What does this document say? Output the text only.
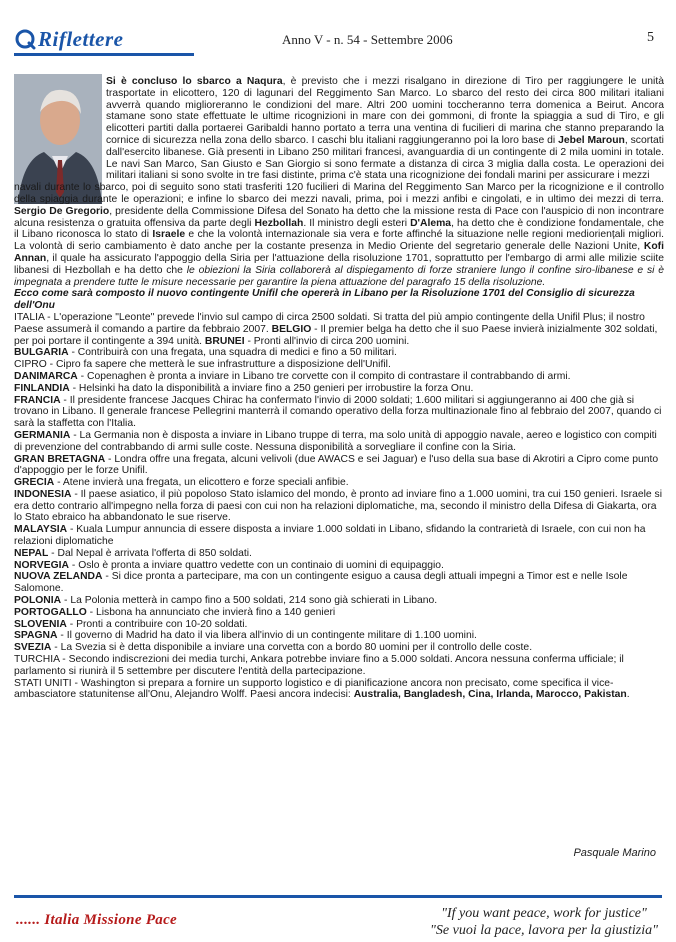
Riflettere	Anno V - n. 54 - Settembre 2006	5

Si è concluso lo sbarco a Naqura, è previsto che i mezzi risalgano in direzione di Tiro per raggiungere le unità trasportate in elicottero, 120 di lagunari del Reggimento San Marco. Lo sbarco del resto dei circa 800 militari italiani avverrà quando miglioreranno le condizioni del mare. Altri 200 uomini toccheranno terra domenica a Beirut. Ancora stamane sono state effettuate le ultime ricognizioni in mare con dei gommoni, di fronte la spiaggia a sud di Tiro, e gli elicotteri partiti dalla portaerei Garibaldi hanno portato a terra una ventina di fucilieri di marina che stanno preparando la cornice di sicurezza nella zona dello sbarco. I caschi blu italiani raggiungeranno poi la loro base di Jebel Maroun, scortati dall'esercito libanese. Già presenti in Libano 250 militari francesi, avanguardia di un contingente di 2 mila uomini in totale. Le navi San Marco, San Giusto e San Giorgio si sono fermate a distanza di circa 3 miglia dalla costa. Le operazioni dei militari italiani si sono svolte in tre fasi distinte, prima c'è stata una ricognizione dei fondali marini per assicurare i mezzi

navali durante lo sbarco, poi di seguito sono stati trasferiti 120 fucilieri di Marina del Reggimento San Marco per la ricognizione e il controllo della spiaggia durante le operazioni; e infine lo sbarco dei mezzi navali, prima, poi i mezzi anfibi e cingolati, e in ultimo dei mezzi di terra. Sergio De Gregorio, presidente della Commissione Difesa del Sonato ha detto che la missione resta di Pace con l'auspicio di non incontrare alcuna resistenza o gratuita offensiva da parte degli Hezbollah. Il ministro degli esteri D'Alema, ha detto che è condizione fondamentale, che il Libano riconosca lo stato di Israele e che la volontà internazionale sia vera e forte affinché la situazione nelle regioni medioriențali migliori. La volontà di serio cambiamento è dato anche per la costante presenza in Medio Oriente del segretario generale delle Nazioni Unite, Kofi Annan, il quale ha assicurato l'appoggio della Siria per l'attuazione della risoluzione 1701, soprattutto per l'embargo di armi alle milizie sciite libanesi di Hezbollah e ha detto che le obiezioni la Siria collaborerà al dispiegamento di forze straniere lungo il confine siro-libanese e si è impegnata a prendere tutte le misure necessarie per garantire la piena attuazione del paragrafo 15 della risoluzione.

Ecco come sarà composto il nuovo contingente Unifil che opererà in Libano per la Risoluzione 1701 del Consiglio di sicurezza dell'Onu

ITALIA - L'operazione "Leonte" prevede l'invio sul campo di circa 2500 soldati. Si tratta del più ampio contingente della Unifil Plus; il nostro Paese assumerà il comando a partire da febbraio 2007. BELGIO - Il premier belga ha detto che il suo Paese invierà inizialmente 302 soldati, per poi portare il contingente a 394 unità. BRUNEI - Pronti all'invio di circa 200 uomini.

BULGARIA - Contribuirà con una fregata, una squadra di medici e fino a 50 militari.

CIPRO - Cipro fa sapere che metterà le sue infrastrutture a disposizione dell'Unifil.

DANIMARCA - Copenaghen è pronta a inviare in Libano tre corvette con il compito di contrastare il contrabbando di armi.

FINLANDIA - Helsinki ha dato la disponibilità a inviare fino a 250 genieri per irrobustire la forza Onu.

FRANCIA - Il presidente francese Jacques Chirac ha confermato l'invio di 2000 soldati; 1.600 militari si aggiungeranno ai 400 che già si trovano in Libano. Il generale francese Pellegrini manterrà il comando operativo della forza multinazionale fino al febbraio del 2007, quando ci sarà la staffetta con l'Italia.

GERMANIA - La Germania non è disposta a inviare in Libano truppe di terra, ma solo unità di appoggio navale, aereo e logistico con compiti di prevenzione del contrabbando di armi sulle coste. Nessuna disponibilità a sorvegliare il confine con la Siria.

GRAN BRETAGNA - Londra offre una fregata, alcuni velivoli (due AWACS e sei Jaguar) e l'uso della sua base di Akrotiri a Cipro come punto d'appoggio per le forze Unifil.

GRECIA - Atene invierà una fregata, un elicottero e forze speciali anfibie.

INDONESIA - Il paese asiatico, il più popoloso Stato islamico del mondo, è pronto ad inviare fino a 1.000 uomini, tra cui 150 genieri. Israele si era detto contrario all'impegno nella forza di paesi con cui non ha relazioni diplomatiche, ma, secondo il ministro della Difesa di Giakarta, ora lo Stato ebraico ha abbandonato le sue riserve.

MALAYSIA - Kuala Lumpur annuncia di essere disposta a inviare 1.000 soldati in Libano, sfidando la contrarietà di Israele, con cui non ha relazioni diplomatiche

NEPAL - Dal Nepal è arrivata l'offerta di 850 soldati.

NORVEGIA - Oslo è pronta a inviare quattro vedette con un continaio di uomini di equipaggio.

NUOVA ZELANDA - Si dice pronta a partecipare, ma con un contingente esiguo a causa degli attuali impegni a Timor est e nelle Isole Salomone.

POLONIA - La Polonia metterà in campo fino a 500 soldati, 214 sono già schierati in Libano.

PORTOGALLO - Lisbona ha annunciato che invierà fino a 140 genieri

SLOVENIA - Pronti a contribuire con 10-20 soldati.

SPAGNA - Il governo di Madrid ha dato il via libera all'invio di un contingente militare di 1.100 uomini.

SVEZIA - La Svezia si è detta disponibile a inviare una corvetta con a bordo 80 uomini per il controllo delle coste.

TURCHIA - Secondo indiscrezioni dei media turchi, Ankara potrebbe inviare fino a 5.000 soldati. Ancora nessuna conferma ufficiale; il parlamento si riunirà il 5 settembre per discutere l'entità della partecipazione.

STATI UNITI - Washington si prepara a fornire un supporto logistico e di pianificazione ancora non precisato, come specifica il vice-ambasciatore statunitense all'Onu, Alejandro Wolff. Paesi ancora indecisi: Australia, Bangladesh, Cina, Irlanda, Marocco, Pakistan.

Pasquale Marino
...... Italia Missione Pace	"If you want peace, work for justice"
"Se vuoi la pace, lavora per la giustizia"
